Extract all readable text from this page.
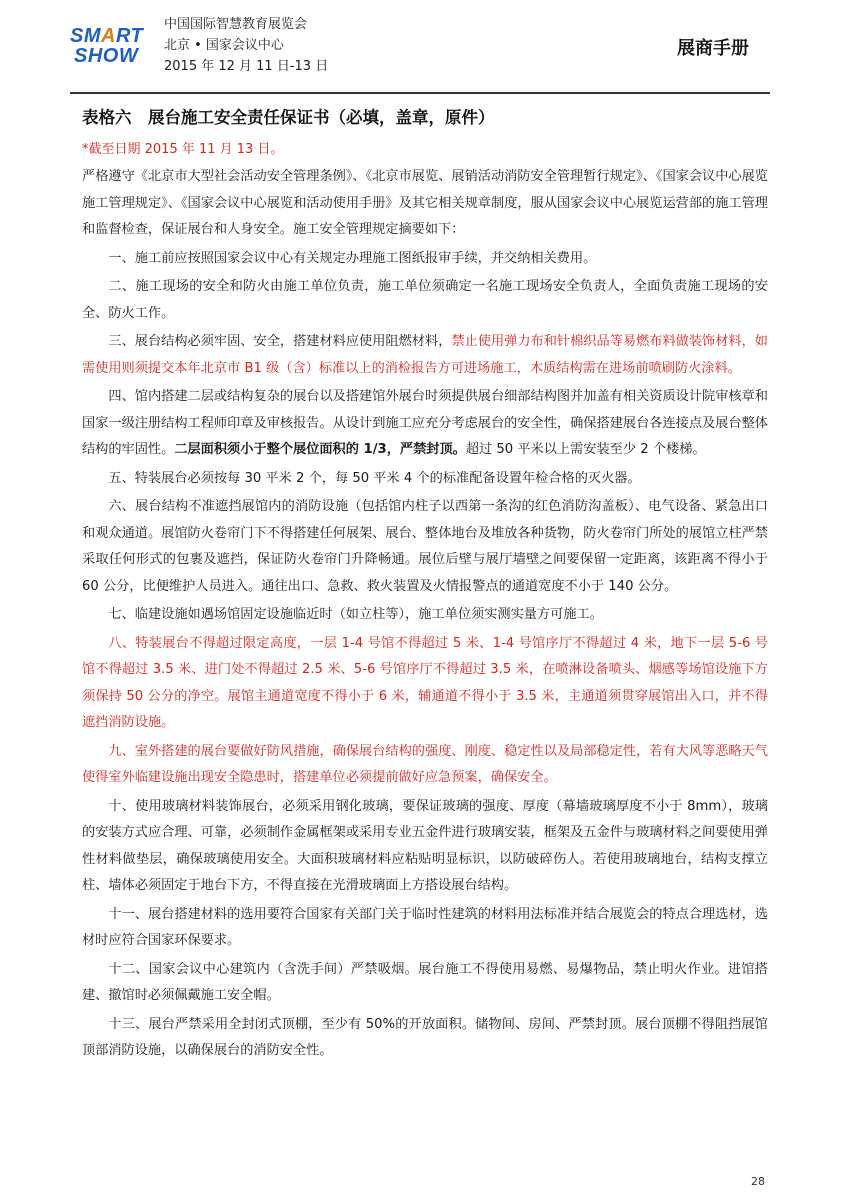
SMART
SHOW
中国国际智慧教育展览会
北京 • 国家会议中心
2015 年 12 月 11 日-13 日
展商手册
表格六　展台施工安全责任保证书（必填，盖章，原件）
*截至日期 2015 年 11 月 13 日。

严格遵守《北京市大型社会活动安全管理条例》、《北京市展览、展销活动消防安全管理暂行规定》、《国家会议中心展览施工管理规定》、《国家会议中心展览和活动使用手册》及其它相关规章制度，服从国家会议中心展览运营部的施工管理和监督检查，保证展台和人身安全。施工安全管理规定摘要如下：

一、施工前应按照国家会议中心有关规定办理施工图纸报审手续，并交纳相关费用。

二、施工现场的安全和防火由施工单位负责，施工单位须确定一名施工现场安全负责人，全面负责施工现场的安全、防火工作。

三、展台结构必须牢固、安全，搭建材料应使用阻燃材料，禁止使用弹力布和针棉织品等易燃布料做装饰材料，如需使用则须提交本年北京市 B1 级（含）标准以上的消检报告方可进场施工，木质结构需在进场前喷刷防火涂料。

四、馆内搭建二层或结构复杂的展台以及搭建馆外展台时须提供展台细部结构图并加盖有相关资质设计院审核章和国家一级注册结构工程师印章及审核报告。从设计到施工应充分考虑展台的安全性，确保搭建展台各连接点及展台整体结构的牢固性。二层面积须小于整个展位面积的 1/3，严禁封顶。超过 50 平米以上需安装至少 2 个楼梯。

五、特装展台必须按每 30 平米 2 个，每 50 平米 4 个的标准配备设置年检合格的灭火器。

六、展台结构不准遮挡展馆内的消防设施（包括馆内柱子以西第一条沟的红色消防沟盖板）、电气设备、紧急出口和观众通道。展馆防火卷帘门下不得搭建任何展架、展台、整体地台及堆放各种货物，防火卷帘门所处的展馆立柱严禁采取任何形式的包裹及遮挡，保证防火卷帘门升降畅通。展位后壁与展厅墙壁之间要保留一定距离，该距离不得小于 60 公分，比便维护人员进入。通往出口、急救、救火装置及火情报警点的通道宽度不小于 140 公分。

七、临建设施如遇场馆固定设施临近时（如立柱等），施工单位须实测实量方可施工。

八、特装展台不得超过限定高度，一层 1-4 号馆不得超过 5 米、1-4 号馆序厅不得超过 4 米，地下一层 5-6 号馆不得超过 3.5 米、进门处不得超过 2.5 米、5-6 号馆序厅不得超过 3.5 米，在喷淋设备喷头、烟感等场馆设施下方须保持 50 公分的净空。展馆主通道宽度不得小于 6 米，辅通道不得小于 3.5 米，主通道须贯穿展馆出入口，并不得遮挡消防设施。

九、室外搭建的展台要做好防风措施，确保展台结构的强度、刚度、稳定性以及局部稳定性，若有大风等恶略天气使得室外临建设施出现安全隐患时，搭建单位必须提前做好应急预案，确保安全。

十、使用玻璃材料装饰展台，必须采用钢化玻璃，要保证玻璃的强度、厚度（幕墙玻璃厚度不小于 8mm），玻璃的安装方式应合理、可靠，必须制作金属框架或采用专业五金件进行玻璃安装，框架及五金件与玻璃材料之间要使用弹性材料做垫层，确保玻璃使用安全。大面积玻璃材料应粘贴明显标识，以防破碎伤人。若使用玻璃地台，结构支撑立柱、墙体必须固定于地台下方，不得直接在光滑玻璃面上方搭设展台结构。

十一、展台搭建材料的选用要符合国家有关部门关于临时性建筑的材料用法标准并结合展览会的特点合理选材，选材时应符合国家环保要求。

十二、国家会议中心建筑内（含洗手间）严禁吸烟。展台施工不得使用易燃、易爆物品，禁止明火作业。进馆搭建、撤馆时必须佩戴施工安全帽。

十三、展台严禁采用全封闭式顶棚，至少有 50%的开放面积。储物间、房间、严禁封顶。展台顶棚不得阻挡展馆顶部消防设施，以确保展台的消防安全性。

28
